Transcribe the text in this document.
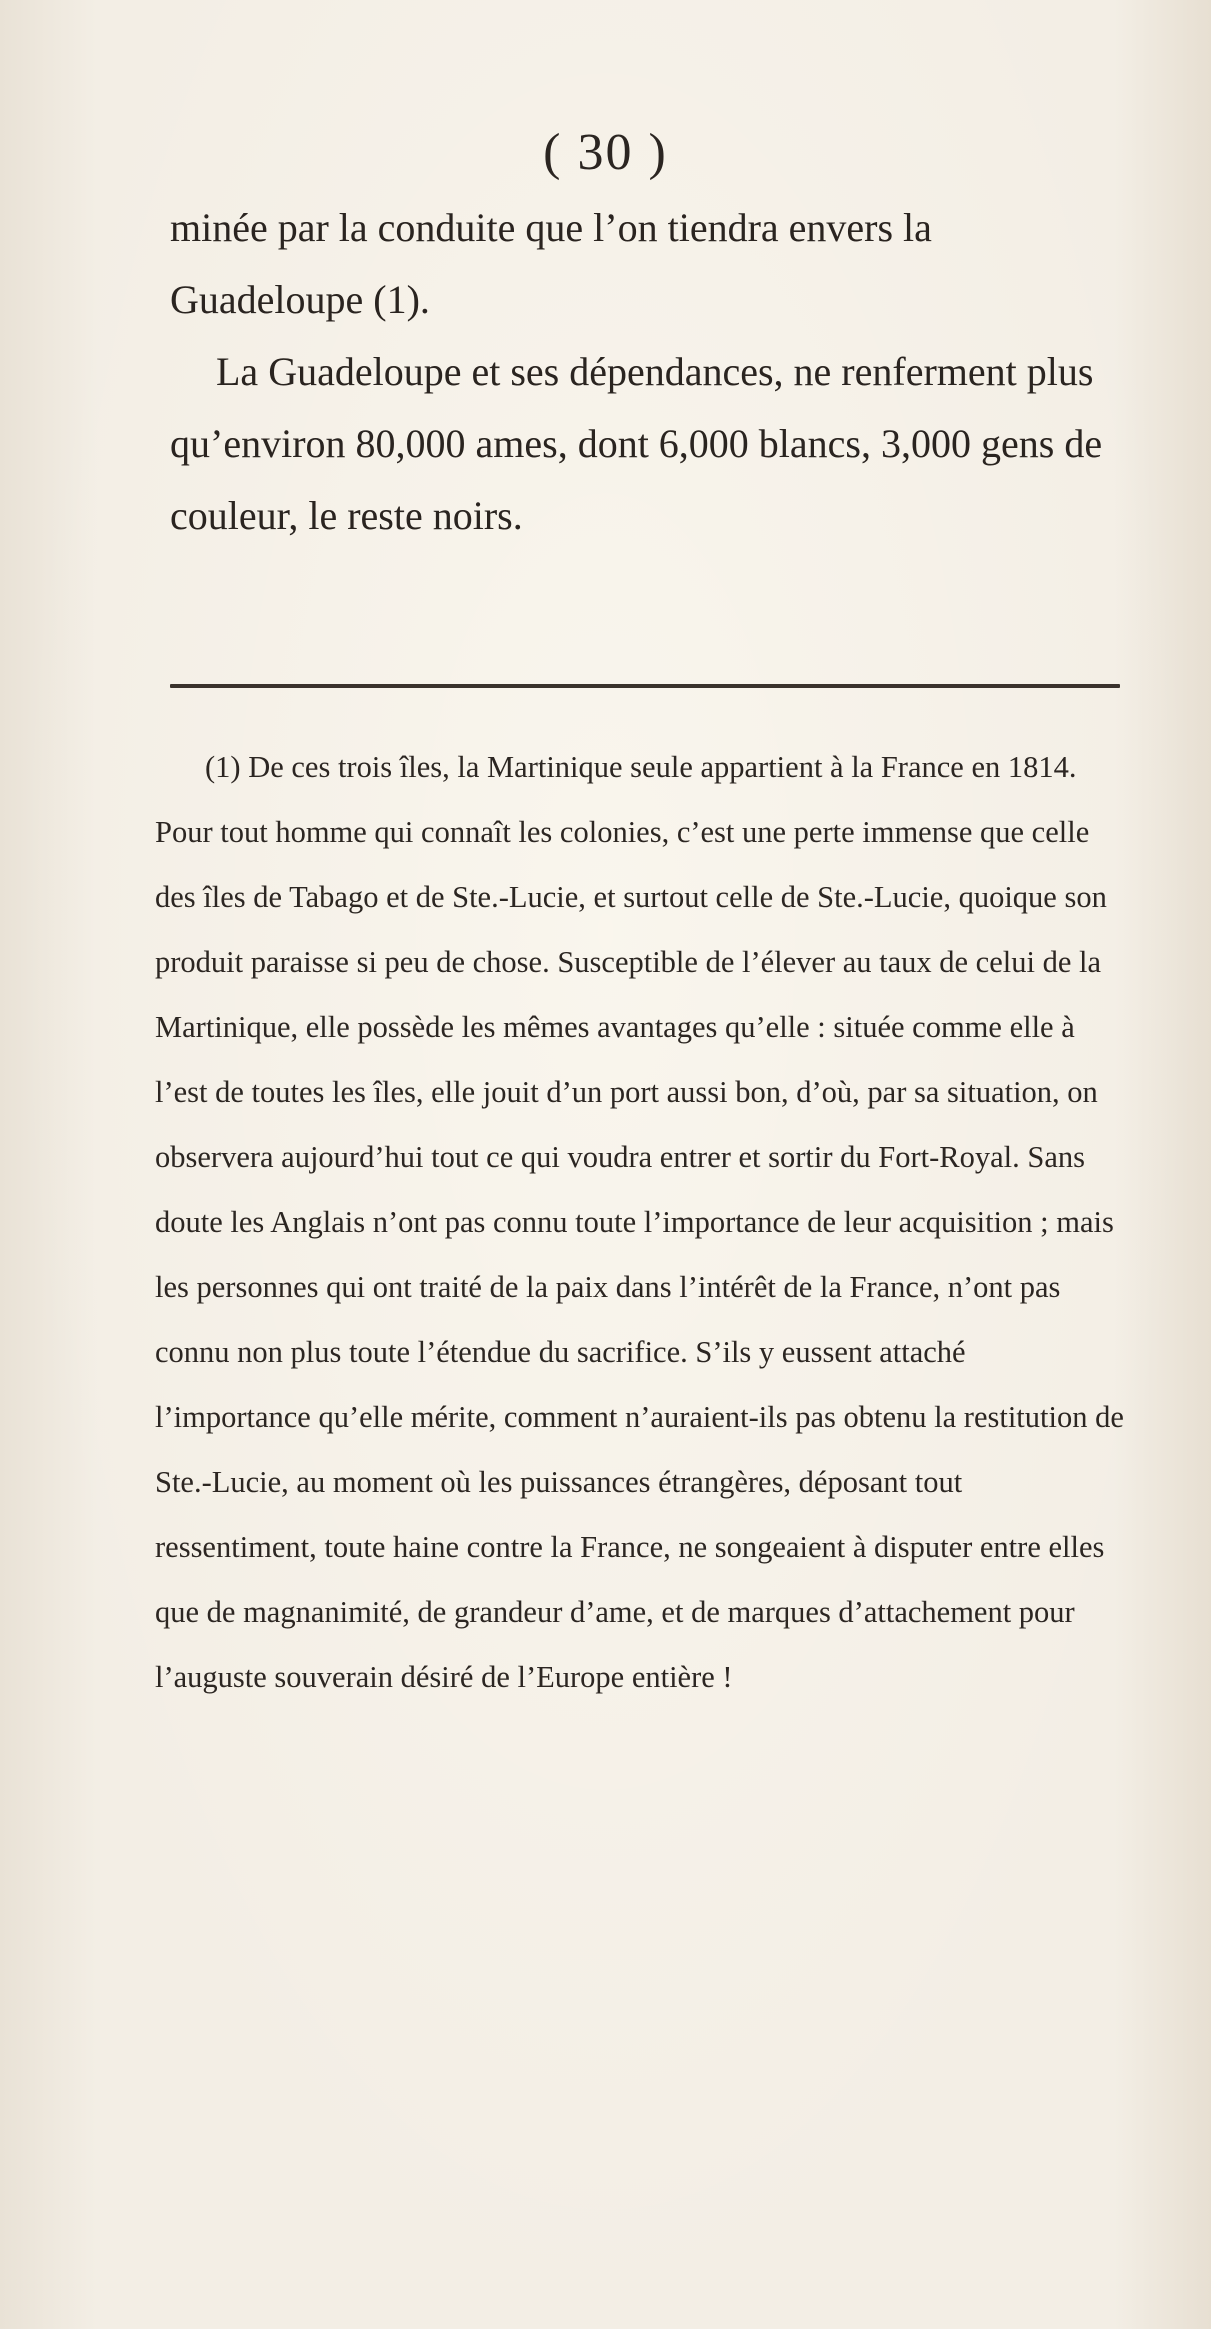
( 30 )

minée par la conduite que l’on tiendra envers la Guadeloupe (1).

La Guadeloupe et ses dépendances, ne renferment plus qu’environ 80,000 ames, dont 6,000 blancs, 3,000 gens de couleur, le reste noirs.

(1) De ces trois îles, la Martinique seule appartient à la France en 1814. Pour tout homme qui connaît les colonies, c’est une perte immense que celle des îles de Tabago et de Ste.-Lucie, et surtout celle de Ste.-Lucie, quoique son produit paraisse si peu de chose. Susceptible de l’élever au taux de celui de la Martinique, elle possède les mêmes avantages qu’elle : située comme elle à l’est de toutes les îles, elle jouit d’un port aussi bon, d’où, par sa situation, on observera aujourd’hui tout ce qui voudra entrer et sortir du Fort-Royal. Sans doute les Anglais n’ont pas connu toute l’importance de leur acquisition ; mais les personnes qui ont traité de la paix dans l’intérêt de la France, n’ont pas connu non plus toute l’étendue du sacrifice. S’ils y eussent attaché l’importance qu’elle mérite, comment n’auraient-ils pas obtenu la restitution de Ste.-Lucie, au moment où les puissances étrangères, déposant tout ressentiment, toute haine contre la France, ne songeaient à disputer entre elles que de magnanimité, de grandeur d’ame, et de marques d’attachement pour l’auguste souverain désiré de l’Europe entière !
